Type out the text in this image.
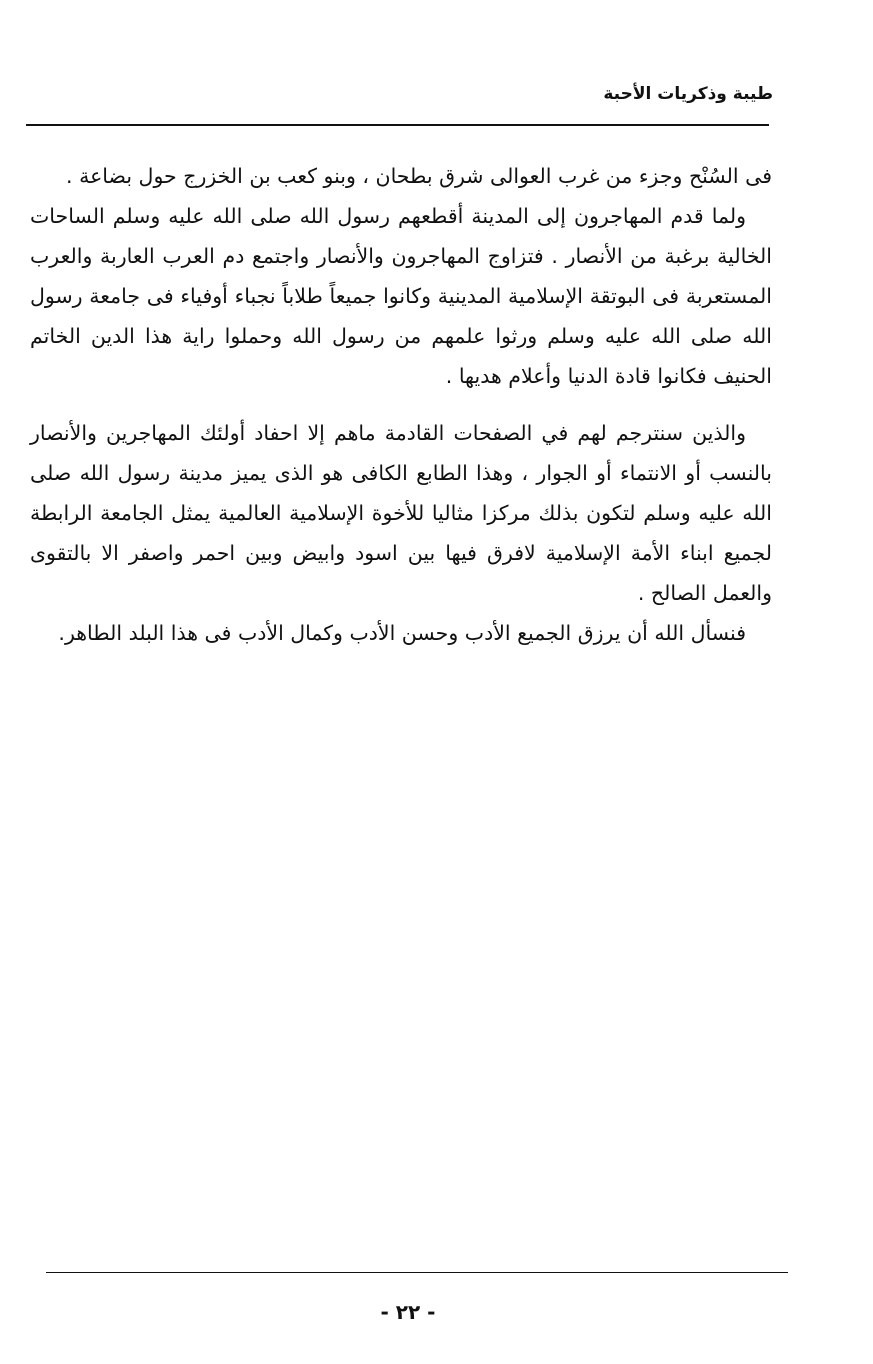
طيبة وذكريات الأحبة

فى السُنْح وجزء من غرب العوالى شرق بطحان ، وبنو كعب بن الخزرج حول بضاعة .

ولما قدم المهاجرون إلى المدينة أقطعهم رسول الله صلى الله عليه وسلم الساحات الخالية برغبة من الأنصار . فتزاوج المهاجرون والأنصار واجتمع دم العرب العاربة والعرب المستعربة فى البوتقة الإسلامية المدينية وكانوا جميعاً طلاباً نجباء أوفياء فى جامعة رسول الله صلى الله عليه وسلم ورثوا علمهم من رسول الله وحملوا راية هذا الدين الخاتم الحنيف فكانوا قادة الدنيا وأعلام هديها .

والذين سنترجم لهم في الصفحات القادمة ماهم إلا احفاد أولئك المهاجرين والأنصار بالنسب أو الانتماء أو الجوار ، وهذا الطابع الكافى هو الذى يميز مدينة رسول الله صلى الله عليه وسلم لتكون بذلك مركزا مثاليا للأخوة الإسلامية العالمية يمثل الجامعة الرابطة لجميع ابناء الأمة الإسلامية لافرق فيها بين اسود وابيض وبين احمر واصفر الا بالتقوى والعمل الصالح .

فنسأل الله أن يرزق الجميع الأدب وحسن الأدب وكمال الأدب فى هذا البلد الطاهر.

- ٢٢ -
